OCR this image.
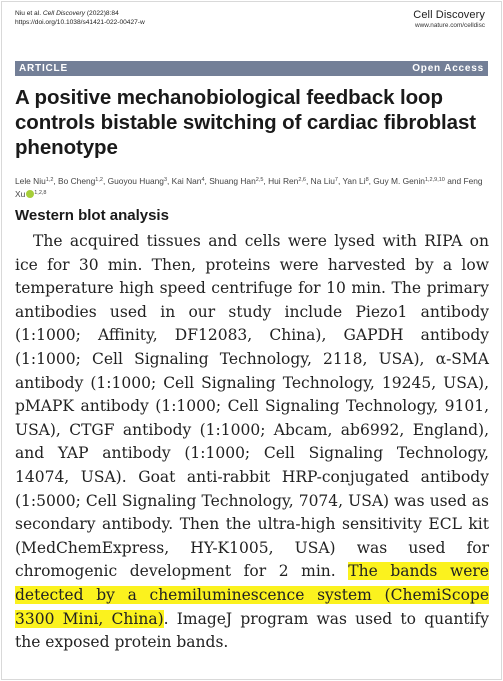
Niu et al. Cell Discovery (2022)8:84
https://doi.org/10.1038/s41421-022-00427-w
Cell Discovery
www.nature.com/celldisc
ARTICLE	Open Access
A positive mechanobiological feedback loop controls bistable switching of cardiac fibroblast phenotype
Lele Niu$^{1,2}$, Bo Cheng$^{1,2}$, Guoyou Huang$^3$, Kai Nan$^4$, Shuang Han$^{2,5}$, Hui Ren$^{2,6}$, Na Liu$^7$, Yan Li$^8$, Guy M. Genin$^{1,2,9,10}$ and Feng Xu $^{1,2,8}$
Western blot analysis

The acquired tissues and cells were lysed with RIPA on ice for 30 min. Then, proteins were harvested by a low temperature high speed centrifuge for 10 min. The primary antibodies used in our study include Piezo1 antibody (1:1000; Affinity, DF12083, China), GAPDH antibody (1:1000; Cell Signaling Technology, 2118, USA), α-SMA antibody (1:1000; Cell Signaling Technology, 19245, USA), pMAPK antibody (1:1000; Cell Signaling Technology, 9101, USA), CTGF antibody (1:1000; Abcam, ab6992, England), and YAP antibody (1:1000; Cell Signaling Technology, 14074, USA). Goat anti-rabbit HRP-conjugated antibody (1:5000; Cell Signaling Technology, 7074, USA) was used as secondary antibody. Then the ultra-high sensitivity ECL kit (MedChemExpress, HY-K1005, USA) was used for chromogenic development for 2 min. The bands were detected by a chemiluminescence system (ChemiScope 3300 Mini, China). ImageJ program was used to quantify the exposed protein bands.
